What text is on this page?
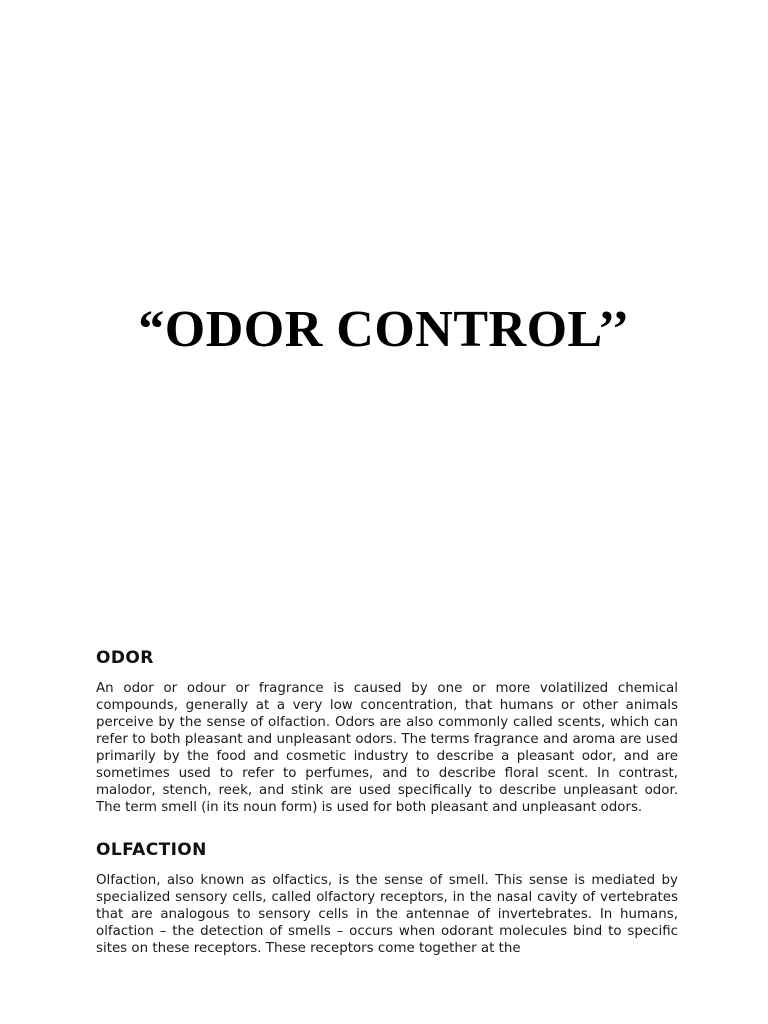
“ODOR CONTROL’’
ODOR

An odor or odour or fragrance is caused by one or more volatilized chemical compounds, generally at a very low concentration, that humans or other animals perceive by the sense of olfaction. Odors are also commonly called scents, which can refer to both pleasant and unpleasant odors. The terms fragrance and aroma are used primarily by the food and cosmetic industry to describe a pleasant odor, and are sometimes used to refer to perfumes, and to describe floral scent. In contrast, malodor, stench, reek, and stink are used specifically to describe unpleasant odor. The term smell (in its noun form) is used for both pleasant and unpleasant odors.

OLFACTION

Olfaction, also known as olfactics, is the sense of smell. This sense is mediated by specialized sensory cells, called olfactory receptors, in the nasal cavity of vertebrates that are analogous to sensory cells in the antennae of invertebrates. In humans, olfaction – the detection of smells – occurs when odorant molecules bind to specific sites on these receptors. These receptors come together at the
